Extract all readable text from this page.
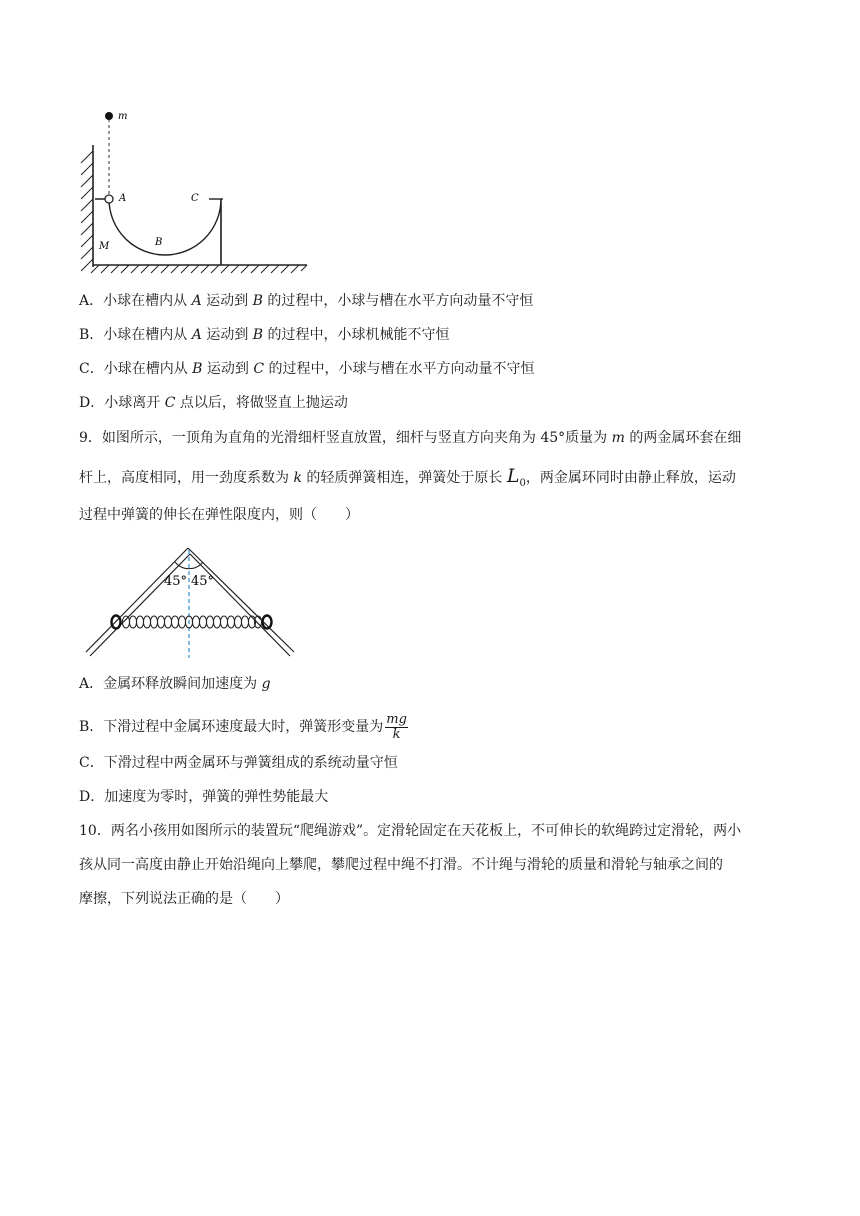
m
A	C
B
M
A．小球在槽内从 A 运动到 B 的过程中，小球与槽在水平方向动量不守恒
B．小球在槽内从 A 运动到 B 的过程中，小球机械能不守恒
C．小球在槽内从 B 运动到 C 的过程中，小球与槽在水平方向动量不守恒
D．小球离开 C 点以后，将做竖直上抛运动
9．如图所示，一顶角为直角的光滑细杆竖直放置，细杆与竖直方向夹角为 45°质量为 m 的两金属环套在细
杆上，高度相同，用一劲度系数为 k 的轻质弹簧相连，弹簧处于原长 $L_0$，两金属环同时由静止释放，运动
过程中弹簧的伸长在弹性限度内，则（　　）
45° 45°
A．金属环释放瞬间加速度为 g
B．下滑过程中金属环速度最大时，弹簧形变量为 $\frac{mg}{k}$
C．下滑过程中两金属环与弹簧组成的系统动量守恒
D．加速度为零时，弹簧的弹性势能最大
10．两名小孩用如图所示的装置玩“爬绳游戏”。定滑轮固定在天花板上，不可伸长的软绳跨过定滑轮，两小
孩从同一高度由静止开始沿绳向上攀爬，攀爬过程中绳不打滑。不计绳与滑轮的质量和滑轮与轴承之间的
摩擦，下列说法正确的是（　　）
